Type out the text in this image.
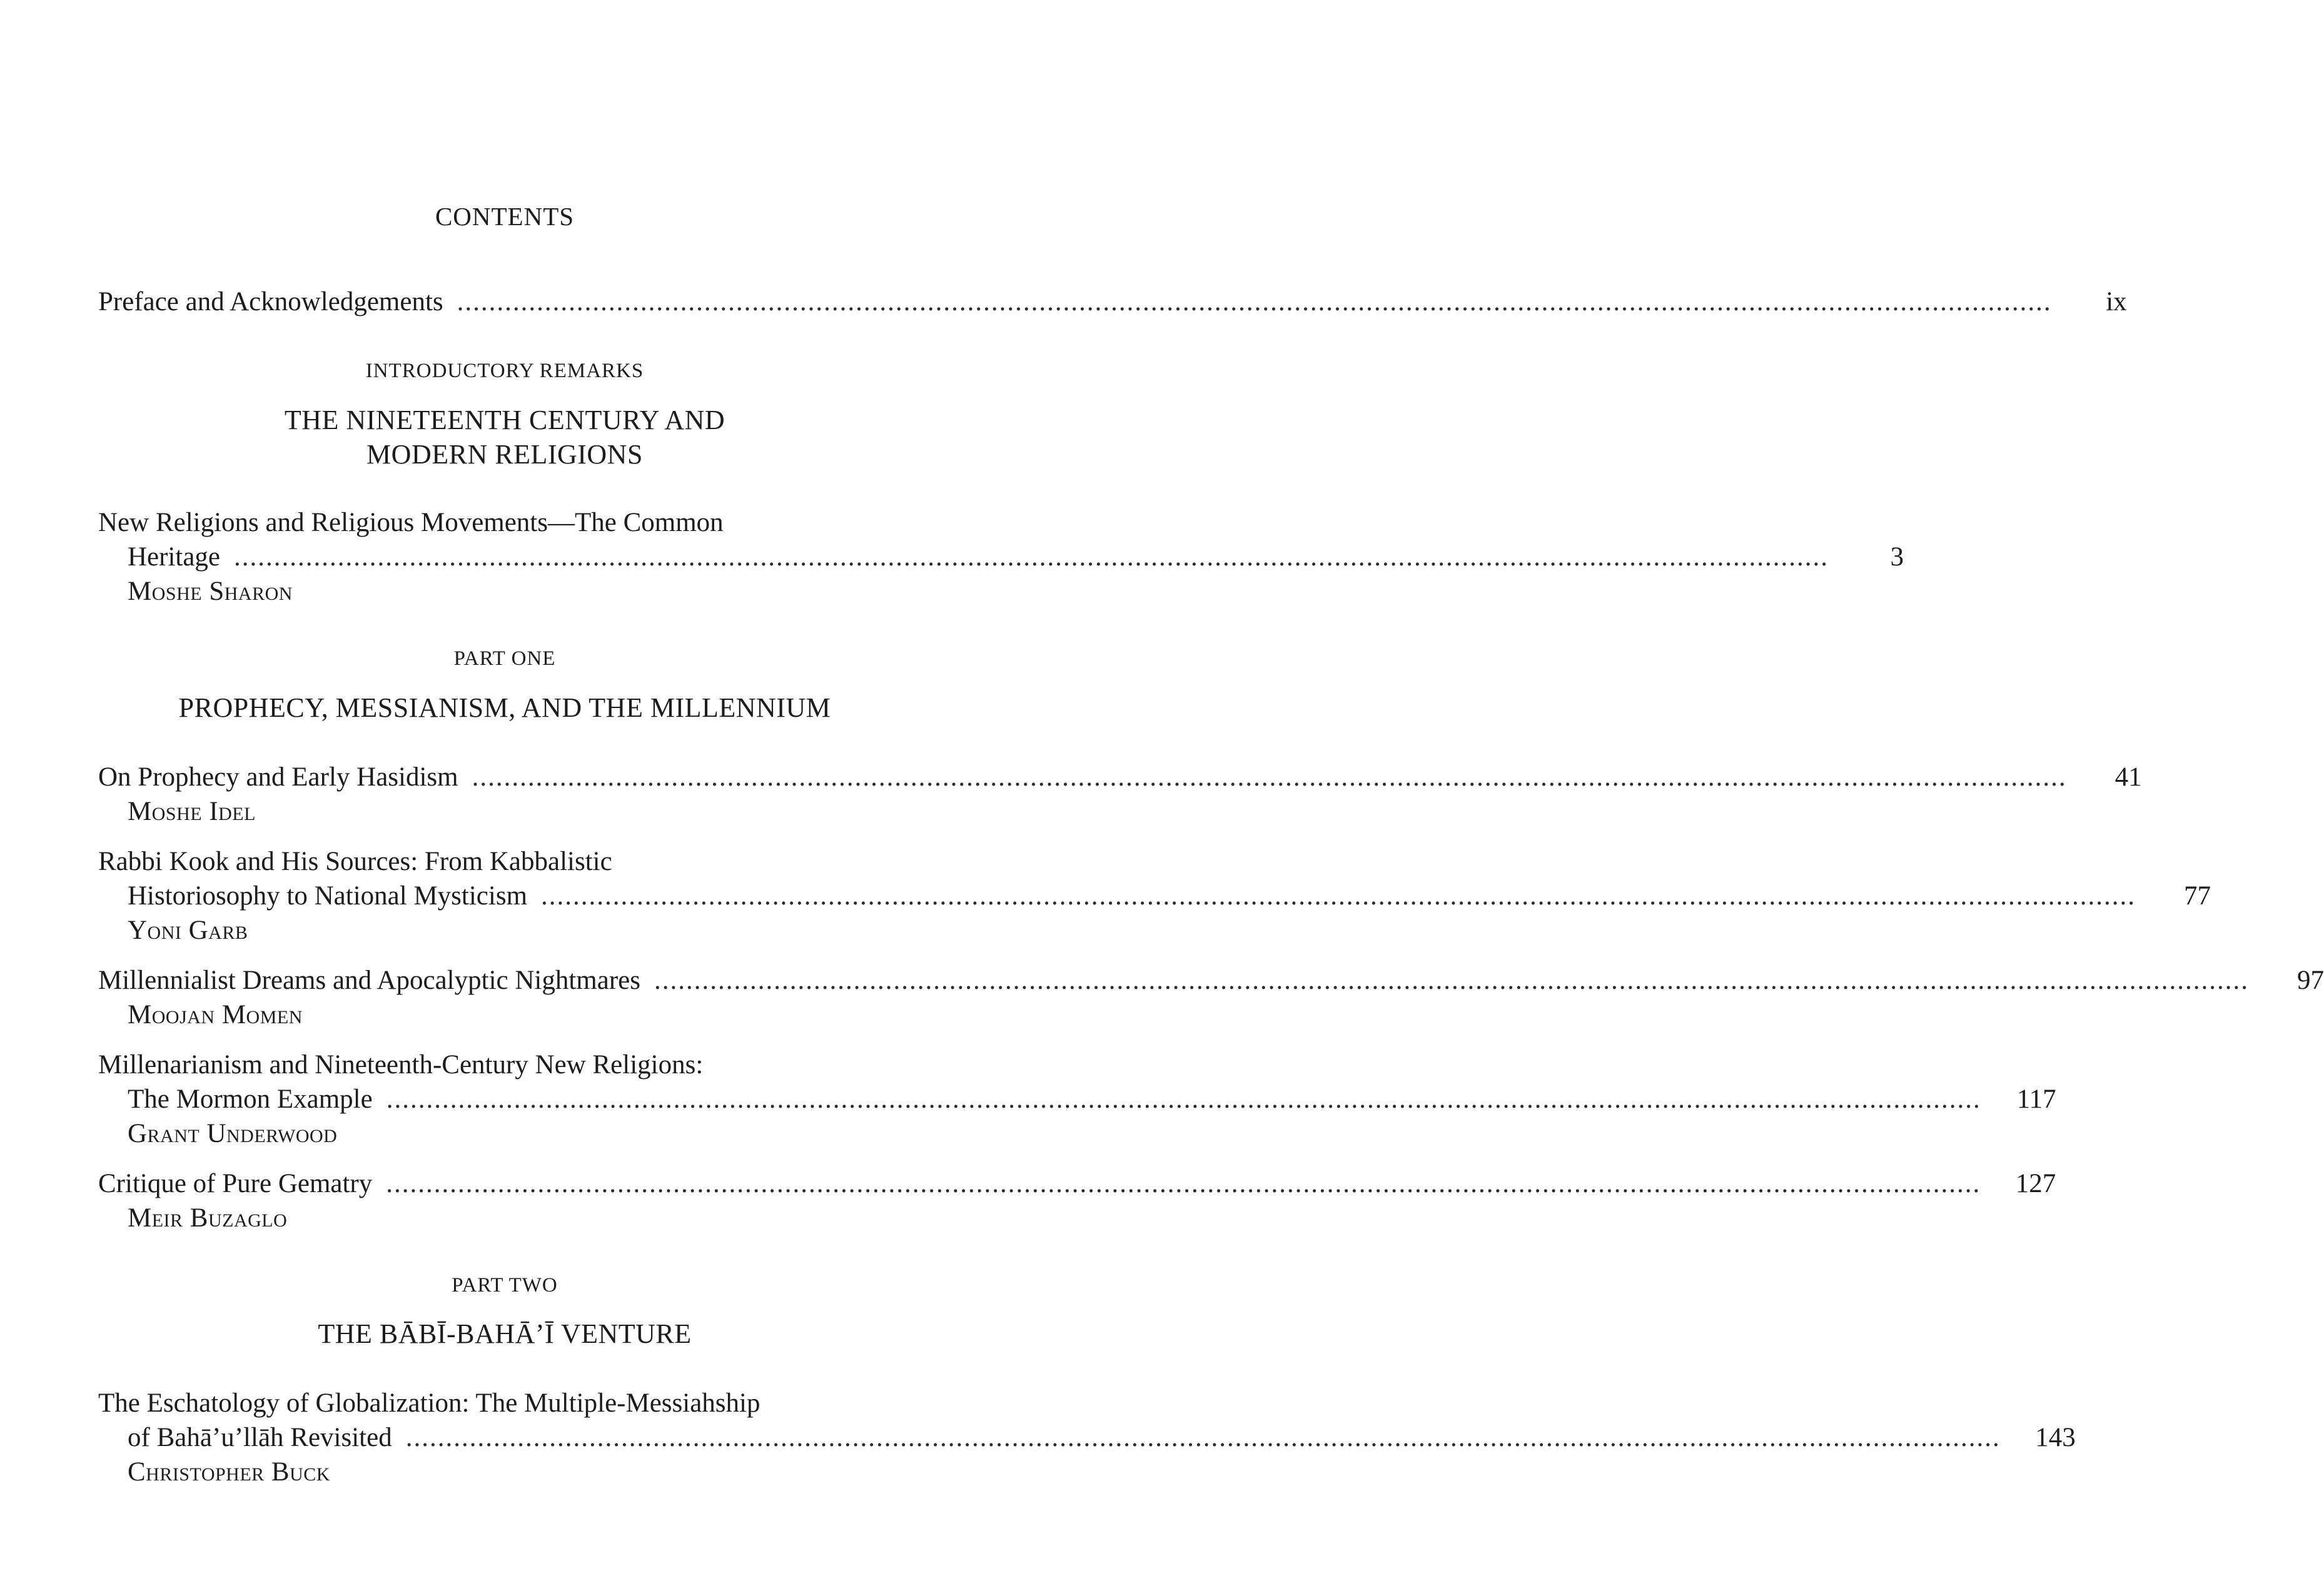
CONTENTS
Preface and Acknowledgements ........................................................................................................................................................................................................	ix
INTRODUCTORY REMARKS
THE NINETEENTH CENTURY AND
MODERN RELIGIONS
New Religions and Religious Movements—The Common
Heritage ........................................................................................................................................................................................................	3
Moshe Sharon
PART ONE
PROPHECY, MESSIANISM, AND THE MILLENNIUM
On Prophecy and Early Hasidism ........................................................................................................................................................................................................	41
Moshe Idel
Rabbi Kook and His Sources: From Kabbalistic
Historiosophy to National Mysticism ........................................................................................................................................................................................................	77
Yoni Garb
Millennialist Dreams and Apocalyptic Nightmares ........................................................................................................................................................................................................	97
Moojan Momen
Millenarianism and Nineteenth-Century New Religions:
The Mormon Example ........................................................................................................................................................................................................	117
Grant Underwood
Critique of Pure Gematry ........................................................................................................................................................................................................	127
Meir Buzaglo
PART TWO
THE BĀBĪ-BAHĀ’Ī VENTURE
The Eschatology of Globalization: The Multiple-Messiahship
of Bahā’u’llāh Revisited ........................................................................................................................................................................................................	143
Christopher Buck
